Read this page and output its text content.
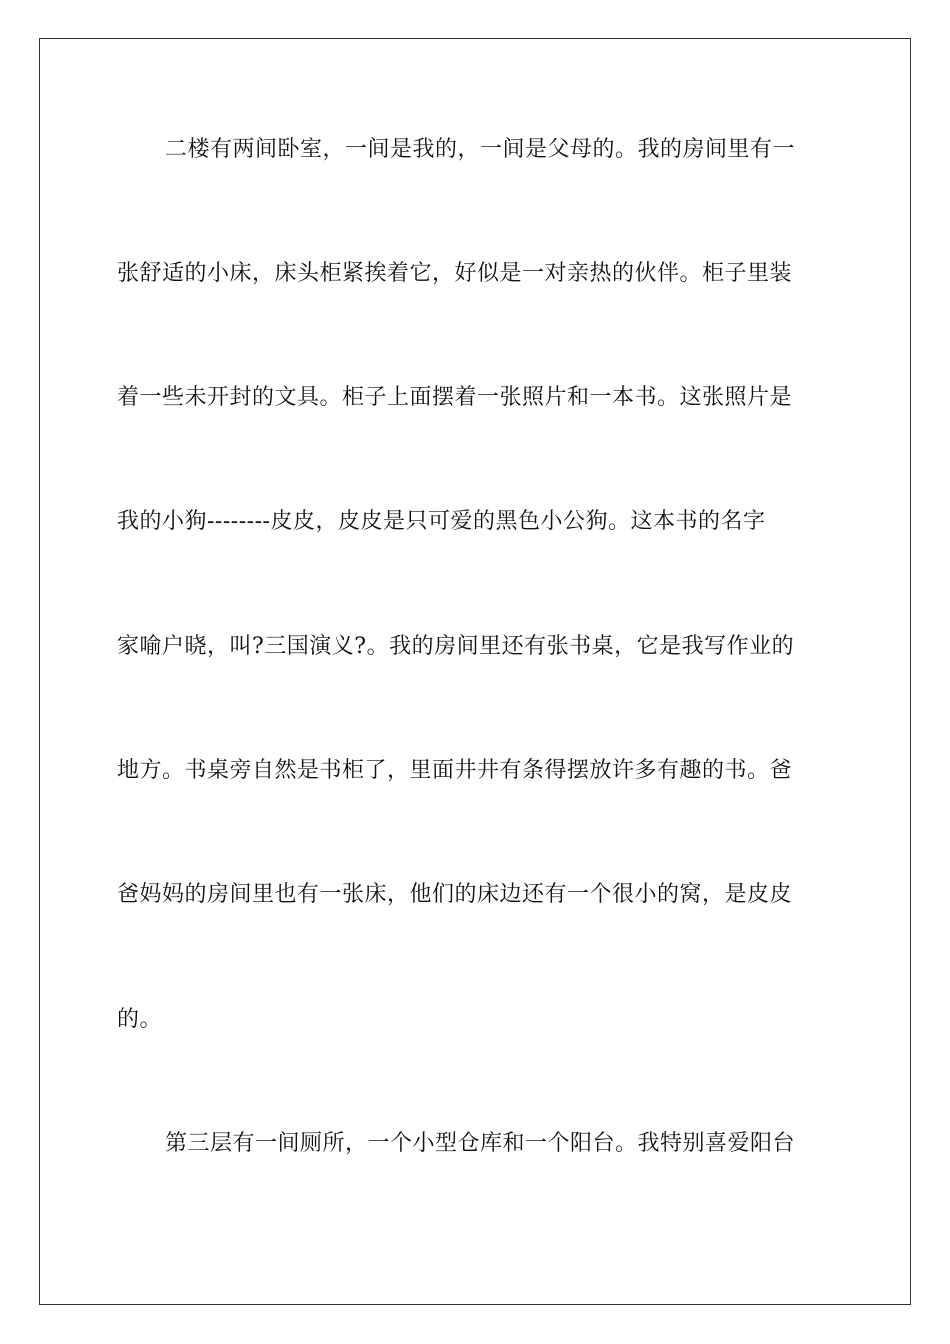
二楼有两间卧室，一间是我的，一间是父母的。我的房间里有一
张舒适的小床，床头柜紧挨着它，好似是一对亲热的伙伴。柜子里装
着一些未开封的文具。柜子上面摆着一张照片和一本书。这张照片是
我的小狗--------皮皮，皮皮是只可爱的黑色小公狗。这本书的名字
家喻户晓，叫?三国演义?。我的房间里还有张书桌，它是我写作业的
地方。书桌旁自然是书柜了，里面井井有条得摆放许多有趣的书。爸
爸妈妈的房间里也有一张床，他们的床边还有一个很小的窝，是皮皮
的。
第三层有一间厕所，一个小型仓库和一个阳台。我特别喜爱阳台
